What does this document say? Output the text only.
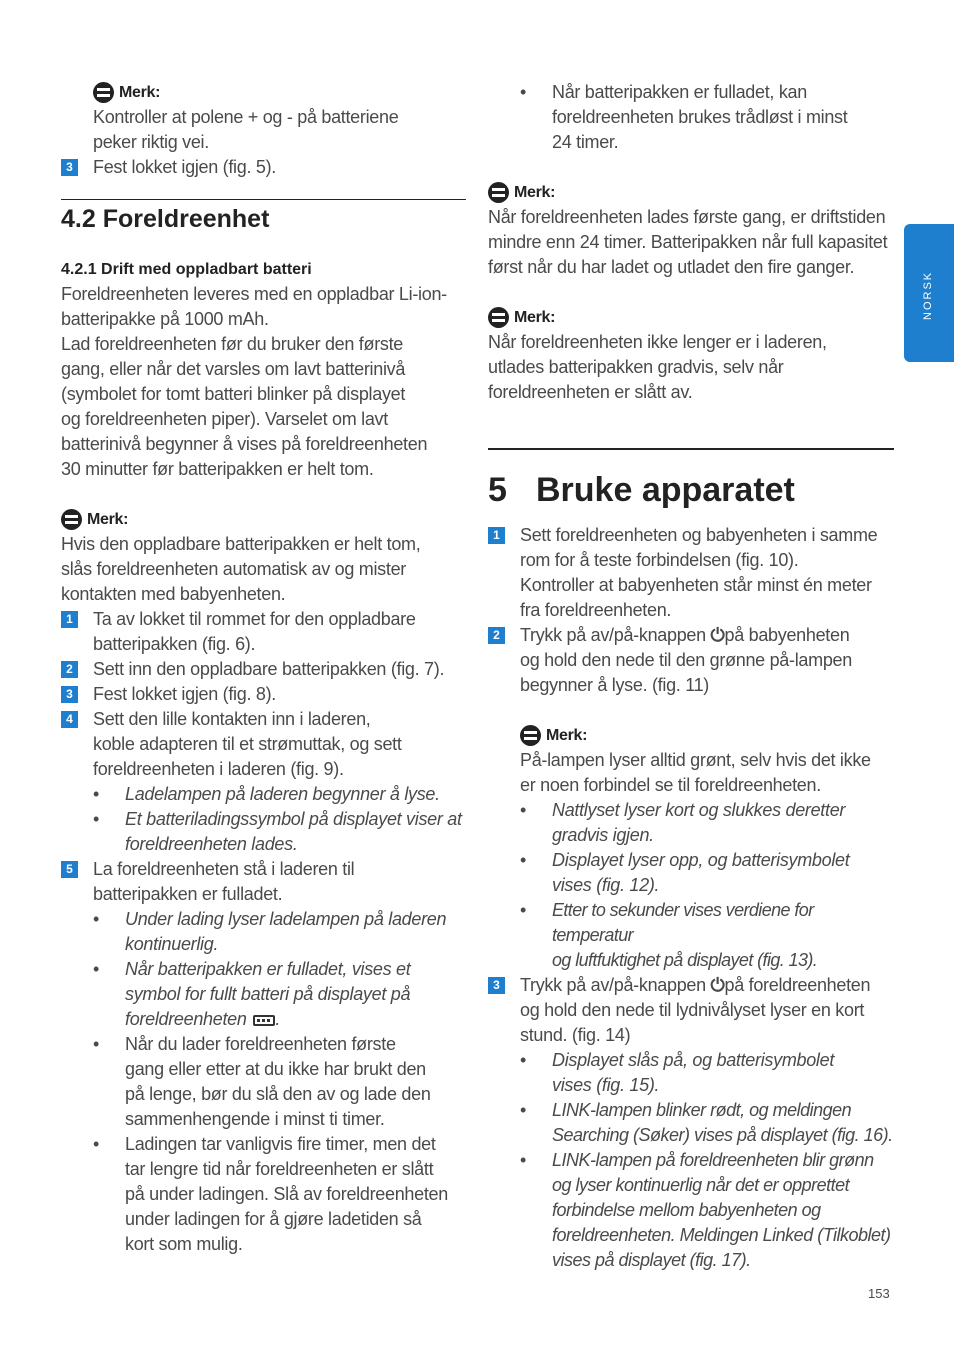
NORSK
Merk:

Kontroller at polene + og - på batteriene

peker riktig vei.

3 Fest lokket igjen (fig. 5).
4.2 Foreldreenhet
4.2.1 Drift med oppladbart batteri

Foreldreenheten leveres med en oppladbar Li-ion-

batteripakke på 1000 mAh.

Lad foreldreenheten før du bruker den første

gang, eller når det varsles om lavt batterinivå

(symbolet for tomt batteri blinker på displayet

og foreldreenheten piper). Varselet om lavt

batterinivå begynner å vises på foreldreenheten

30 minutter før batteripakken er helt tom.

Merk:

Hvis den oppladbare batteripakken er helt tom,

slås foreldreenheten automatisk av og mister

kontakten med babyenheten.

1 Ta av lokket til rommet for den oppladbare

batteripakken (fig. 6).

2 Sett inn den oppladbare batteripakken (fig. 7).

3 Fest lokket igjen (fig. 8).

4 Sett den lille kontakten inn i laderen,

koble adapteren til et strømuttak, og sett

foreldreenheten i laderen (fig. 9).

•	Ladelampen på laderen begynner å lyse.

•	Et batteriladingssymbol på displayet viser at

foreldreenheten lades.

5 La foreldreenheten stå i laderen til

batteripakken er fulladet.

•	Under lading lyser ladelampen på laderen

kontinuerlig.

•	Når batteripakken er fulladet, vises et

symbol for fullt batteri på displayet på

foreldreenheten .

•	Når du lader foreldreenheten første

gang eller etter at du ikke har brukt den

på lenge, bør du slå den av og lade den

sammenhengende i minst ti timer.

•	Ladingen tar vanligvis fire timer, men det

tar lengre tid når foreldreenheten er slått

på under ladingen. Slå av foreldreenheten

under ladingen for å gjøre ladetiden så

kort som mulig.

•	Når batteripakken er fulladet, kan

foreldreenheten brukes trådløst i minst

24 timer.

Merk:

Når foreldreenheten lades første gang, er driftstiden

mindre enn 24 timer. Batteripakken når full kapasitet

først når du har ladet og utladet den fire ganger.

Merk:

Når foreldreenheten ikke lenger er i laderen,

utlades batteripakken gradvis, selv når

foreldreenheten er slått av.

5 Bruke apparatet
1 Sett foreldreenheten og babyenheten i samme

rom for å teste forbindelsen (fig. 10).

Kontroller at babyenheten står minst én meter

fra foreldreenheten.

2 Trykk på av/på-knappen ⏻på babyenheten

og hold den nede til den grønne på-lampen

begynner å lyse. (fig. 11)

Merk:

På-lampen lyser alltid grønt, selv hvis det ikke

er noen forbindel se til foreldreenheten.

•	Nattlyset lyser kort og slukkes deretter

gradvis igjen.

•	Displayet lyser opp, og batterisymbolet

vises (fig. 12).

•	Etter to sekunder vises verdiene for temperatur

og luftfuktighet på displayet (fig. 13).

3 Trykk på av/på-knappen ⏻på foreldreenheten

og hold den nede til lydnivålyset lyser en kort

stund. (fig. 14)

•	Displayet slås på, og batterisymbolet

vises (fig. 15).

•	LINK-lampen blinker rødt, og meldingen

Searching (Søker) vises på displayet (fig. 16).

•	LINK-lampen på foreldreenheten blir grønn

og lyser kontinuerlig når det er opprettet

forbindelse mellom babyenheten og

foreldreenheten. Meldingen Linked (Tilkoblet)

vises på displayet (fig. 17).

153
